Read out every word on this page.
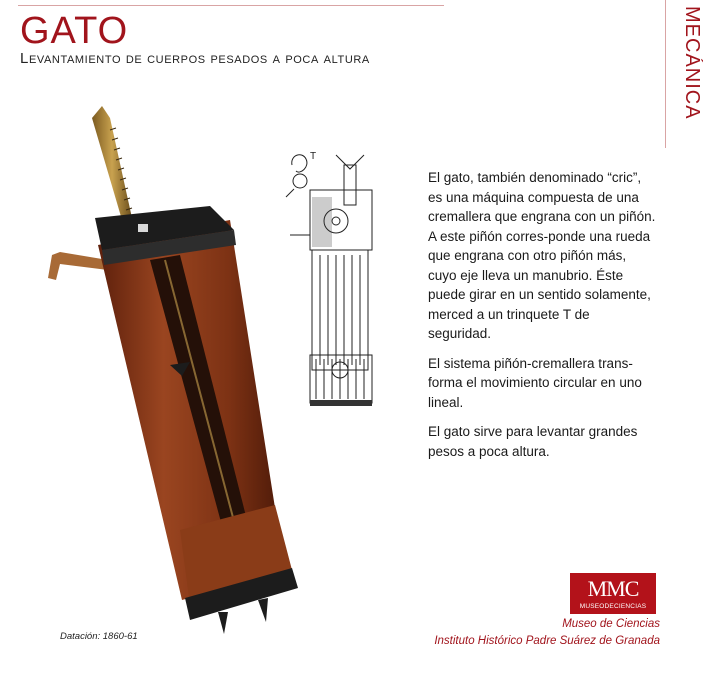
GATO
Levantamiento de cuerpos pesados a poca altura	MECÁNICA
T

El gato, también denominado “cric”, es una máquina compuesta de una cremallera que engrana con un piñón. A este piñón corres-ponde una rueda que engrana con otro piñón más, cuyo eje lleva un manubrio. Éste puede girar en un sentido solamente, merced a un trinquete T de seguridad.

El sistema piñón-cremallera trans-forma el movimiento circular en uno lineal.

El gato sirve para levantar grandes pesos a poca altura.

Datación: 1860-61
MMC
MUSEODECIENCIAS
Museo de Ciencias
Instituto Histórico Padre Suárez de Granada
